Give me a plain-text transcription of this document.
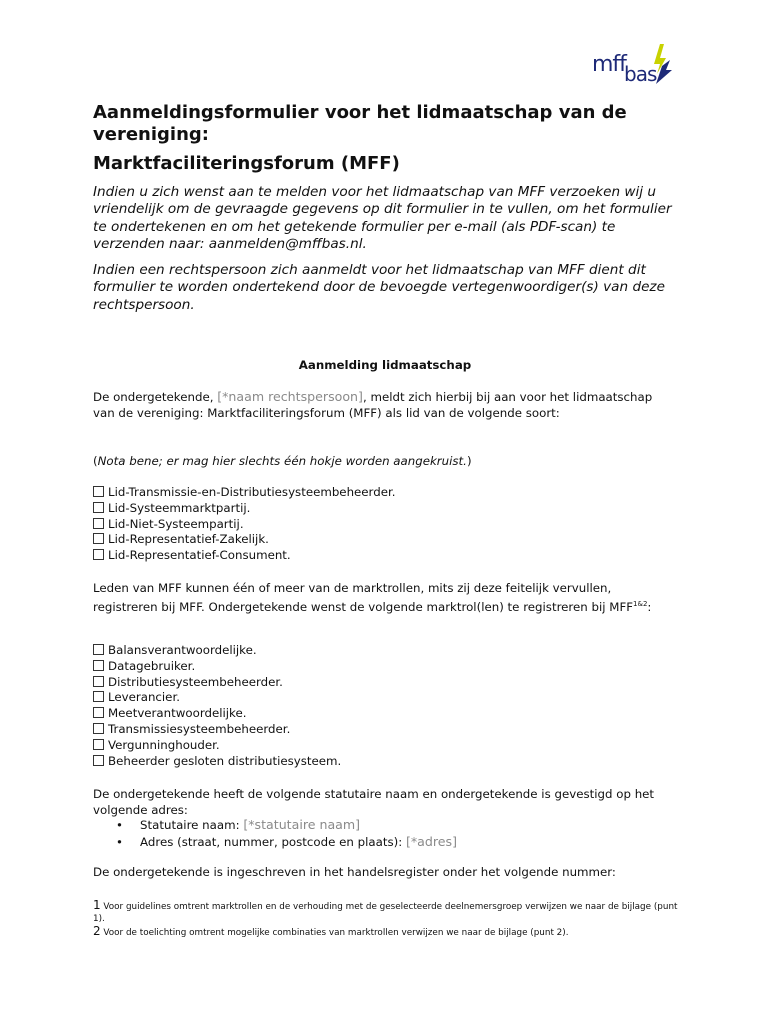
mff
bas
Aanmeldingsformulier voor het lidmaatschap van de vereniging:
Marktfaciliteringsforum (MFF)

Indien u zich wenst aan te melden voor het lidmaatschap van MFF verzoeken wij u vriendelijk om de gevraagde gegevens op dit formulier in te vullen, om het formulier te ondertekenen en om het getekende formulier per e-mail (als PDF-scan) te verzenden naar: aanmelden@mffbas.nl.

Indien een rechtspersoon zich aanmeldt voor het lidmaatschap van MFF dient dit formulier te worden ondertekend door de bevoegde vertegenwoordiger(s) van deze rechtspersoon.

Aanmelding lidmaatschap

De ondergetekende, [*naam rechtspersoon], meldt zich hierbij bij aan voor het lidmaatschap van de vereniging: Marktfaciliteringsforum (MFF) als lid van de volgende soort:

(Nota bene; er mag hier slechts één hokje worden aangekruist.)

Lid-Transmissie-en-Distributiesysteembeheerder.
Lid-Systeemmarktpartij.
Lid-Niet-Systeempartij.
Lid-Representatief-Zakelijk.
Lid-Representatief-Consument.

Leden van MFF kunnen één of meer van de marktrollen, mits zij deze feitelijk vervullen, registreren bij MFF. Ondergetekende wenst de volgende marktrol(len) te registreren bij $MFF^{1\&2}$:

Balansverantwoordelijke.
Datagebruiker.
Distributiesysteembeheerder.
Leverancier.
Meetverantwoordelijke.
Transmissiesysteembeheerder.
Vergunninghouder.
Beheerder gesloten distributiesysteem.

De ondergetekende heeft de volgende statutaire naam en ondergetekende is gevestigd op het volgende adres:

• Statutaire naam: [*statutaire naam]
• Adres (straat, nummer, postcode en plaats): [*adres]

De ondergetekende is ingeschreven in het handelsregister onder het volgende nummer:

1 Voor guidelines omtrent marktrollen en de verhouding met de geselecteerde deelnemersgroep verwijzen we naar de bijlage (punt 1).

2 Voor de toelichting omtrent mogelijke combinaties van marktrollen verwijzen we naar de bijlage (punt 2).
